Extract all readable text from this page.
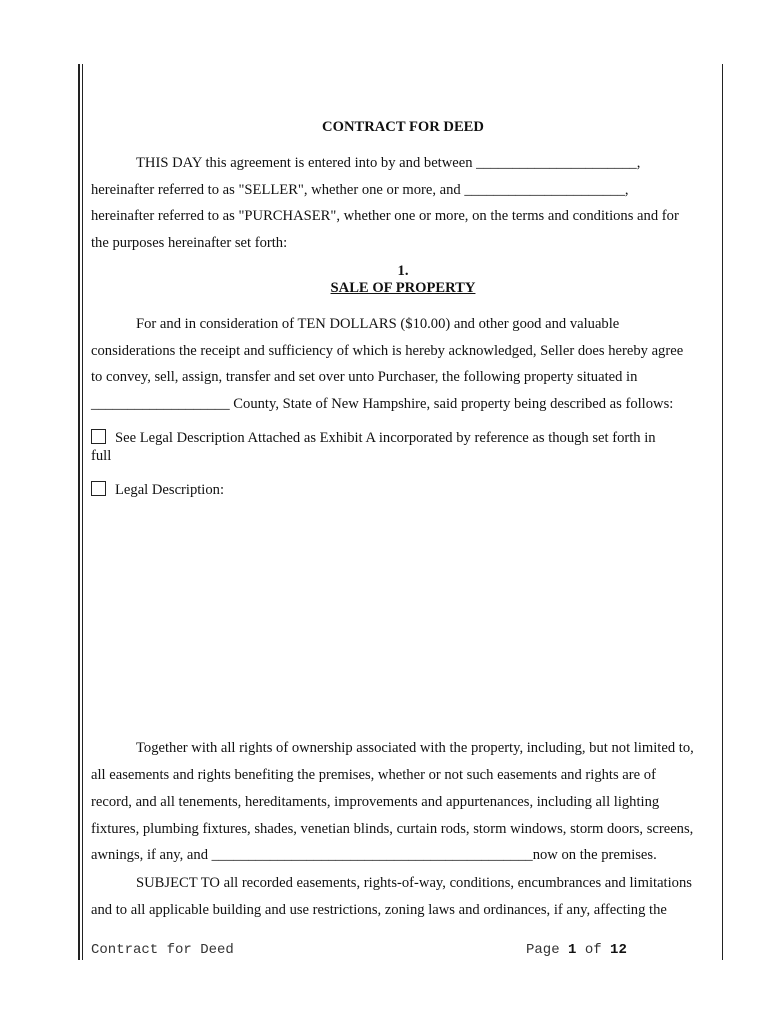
CONTRACT FOR DEED
THIS DAY this agreement is entered into by and between ______________________,
hereinafter referred to as "SELLER", whether one or more, and ______________________,
hereinafter referred to as "PURCHASER", whether one or more, on the terms and conditions and for
the purposes hereinafter set forth:
1.
SALE OF PROPERTY
For and in consideration of TEN DOLLARS ($10.00) and other good and valuable
considerations the receipt and sufficiency of which is hereby acknowledged, Seller does hereby agree
to convey, sell, assign, transfer and set over unto Purchaser, the following property situated in
___________________ County, State of New Hampshire, said property being described as follows:
See Legal Description Attached as Exhibit A incorporated by reference as though set forth in
full
Legal Description:
Together with all rights of ownership associated with the property, including, but not limited to,
all easements and rights benefiting the premises, whether or not such easements and rights are of
record, and all tenements, hereditaments, improvements and appurtenances, including all lighting
fixtures, plumbing fixtures, shades, venetian blinds, curtain rods, storm windows, storm doors, screens,
awnings, if any, and ____________________________________________now on the premises.
SUBJECT TO all recorded easements, rights-of-way, conditions, encumbrances and limitations
and to all applicable building and use restrictions, zoning laws and ordinances, if any, affecting the
Contract for Deed	Page 1 of 12
